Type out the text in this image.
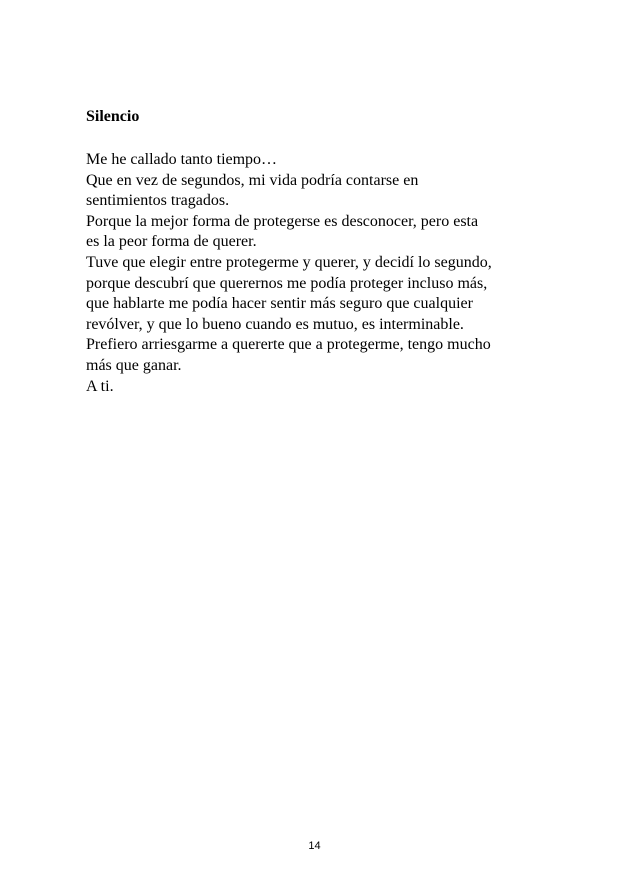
Silencio
Me he callado tanto tiempo…
Que en vez de segundos, mi vida podría contarse en
sentimientos tragados.
Porque la mejor forma de protegerse es desconocer, pero esta
es la peor forma de querer.
Tuve que elegir entre protegerme y querer, y decidí lo segundo,
porque descubrí que querernos me podía proteger incluso más,
que hablarte me podía hacer sentir más seguro que cualquier
revólver, y que lo bueno cuando es mutuo, es interminable.
Prefiero arriesgarme a quererte que a protegerme, tengo mucho
más que ganar.
A ti.
14
